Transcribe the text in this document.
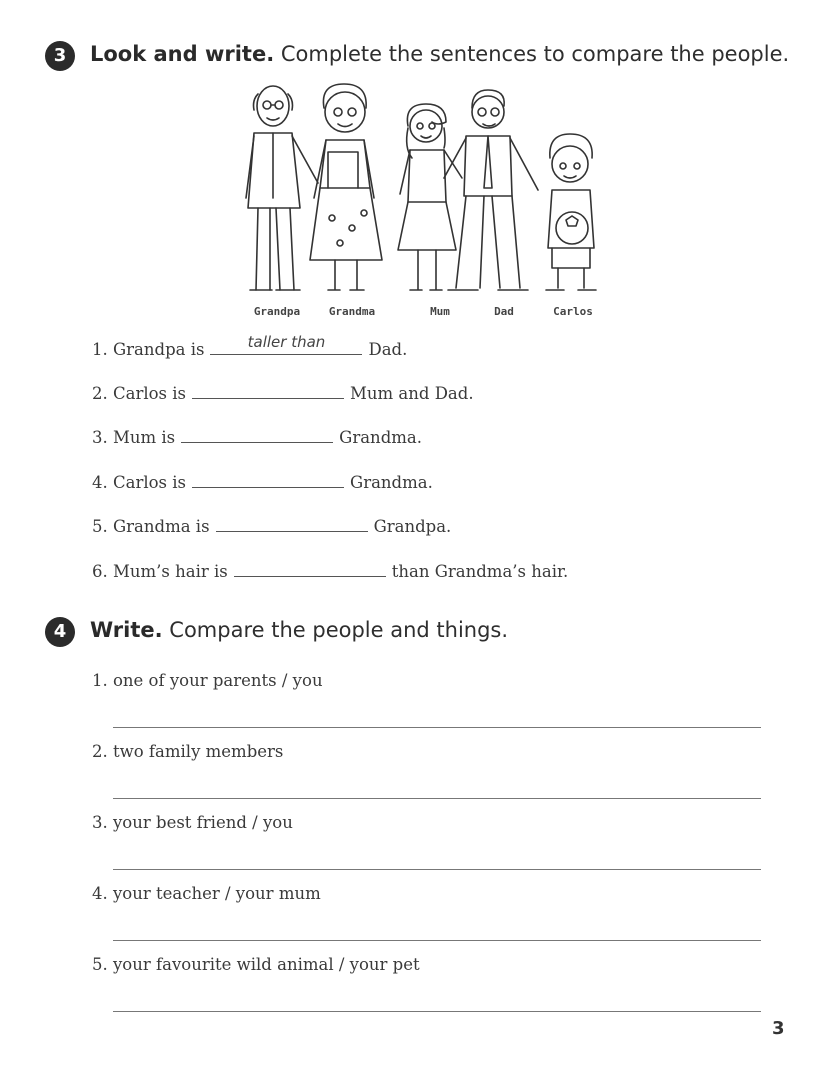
3	Look and write. Complete the sentences to compare the people.
Grandpa	Grandma	Mum	Dad	Carlos
1. Grandpa is	taller than	Dad.
2. Carlos is	Mum and Dad.
3. Mum is	Grandma.
4. Carlos is	Grandma.
5. Grandma is	Grandpa.
6. Mum’s hair is	than Grandma’s hair.
4	Write. Compare the people and things.
1. one of your parents / you
2. two family members
3. your best friend / you
4. your teacher / your mum
5. your favourite wild animal / your pet
3
